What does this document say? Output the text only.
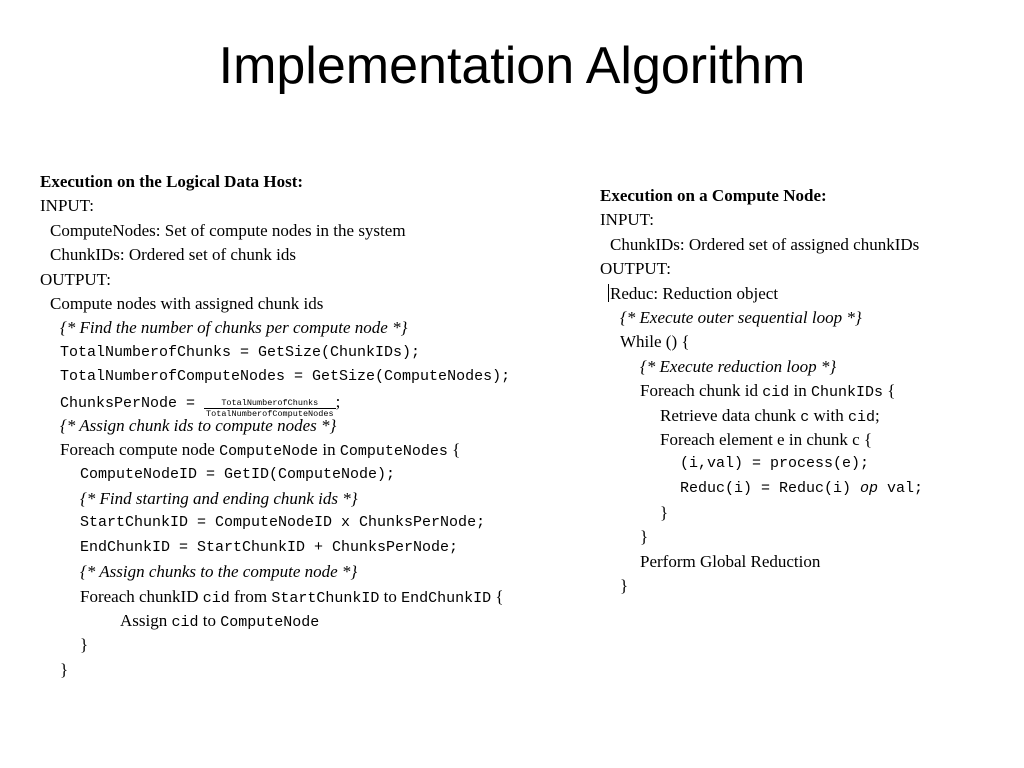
Implementation Algorithm
Execution on the Logical Data Host:
INPUT:
ComputeNodes: Set of compute nodes in the system
ChunkIDs: Ordered set of chunk ids
OUTPUT:
Compute nodes with assigned chunk ids
{* Find the number of chunks per compute node *}
TotalNumberofChunks = GetSize(ChunkIDs);
TotalNumberofComputeNodes = GetSize(ComputeNodes);
ChunksPerNode = $\frac{\text{TotalNumberofChunks}}{\text{TotalNumberofComputeNodes}}$ ;
{* Assign chunk ids to compute nodes *}
Foreach compute node ComputeNode in ComputeNodes {
ComputeNodeID = GetID(ComputeNode);
{* Find starting and ending chunk ids *}
StartChunkID = ComputeNodeID x ChunksPerNode;
EndChunkID = StartChunkID + ChunksPerNode;
{* Assign chunks to the compute node *}
Foreach chunkID cid from StartChunkID to EndChunkID {
Assign cid to ComputeNode
}
}
Execution on a Compute Node:
INPUT:
ChunkIDs: Ordered set of assigned chunkIDs
OUTPUT:
Reduc: Reduction object
{* Execute outer sequential loop *}
While () {
{* Execute reduction loop *}
Foreach chunk id cid in ChunkIDs {
Retrieve data chunk c with cid;
Foreach element e in chunk c {
(i,val) = process(e);
Reduc(i) = Reduc(i) op val;
}
}
Perform Global Reduction
}
